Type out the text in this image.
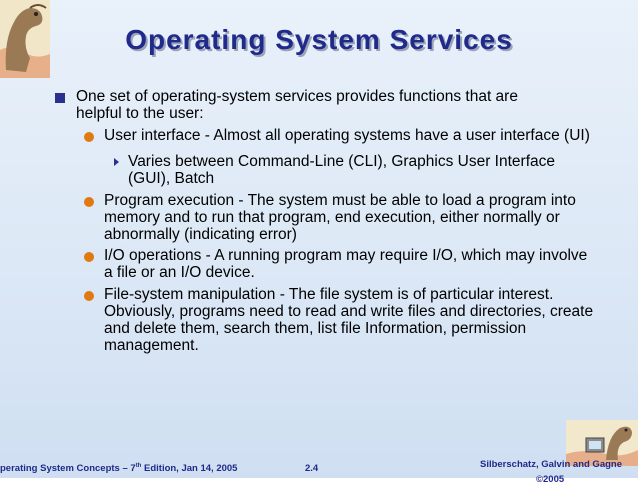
Operating System Services
One set of operating-system services provides functions that are
helpful to the user:
User interface - Almost all operating systems have a user interface (UI)
Varies between Command-Line (CLI), Graphics User Interface
(GUI), Batch
Program execution - The system must be able to load a program into
memory and to run that program, end execution, either normally or
abnormally (indicating error)
I/O operations - A running program may require I/O, which may involve
a file or an I/O device.
File-system manipulation - The file system is of particular interest.
Obviously, programs need to read and write files and directories, create
and delete them, search them, list file Information, permission
management.
perating System Concepts – 7th Edition, Jan 14, 2005	2.4	Silberschatz, Galvin and Gagne
©2005
